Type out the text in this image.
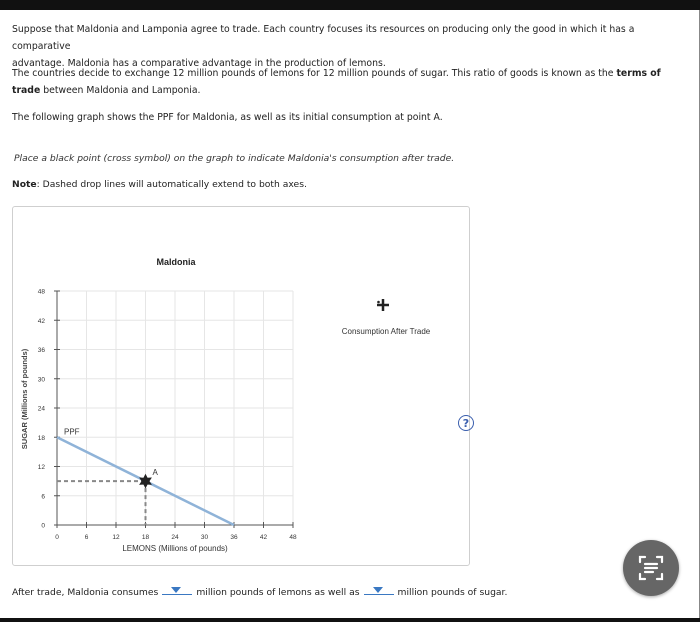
Suppose that Maldonia and Lamponia agree to trade. Each country focuses its resources on producing only the good in which it has a comparative
advantage. Maldonia has a comparative advantage in the production of lemons.
The countries decide to exchange 12 million pounds of lemons for 12 million pounds of sugar. This ratio of goods is known as the terms of
trade between Maldonia and Lamponia.
The following graph shows the PPF for Maldonia, as well as its initial consumption at point A.
Place a black point (cross symbol) on the graph to indicate Maldonia's consumption after trade.
Note: Dashed drop lines will automatically extend to both axes.
?
Maldonia
0	6	12	18	24	30	36	42	48
0
6
12
18
24
30
36
42
48
LEMONS (Millions of pounds)
SUGAR (Millions of pounds)	PPF
A
Consumption After Trade
After trade, Maldonia consumes	million pounds of lemons as well as	million pounds of sugar.
